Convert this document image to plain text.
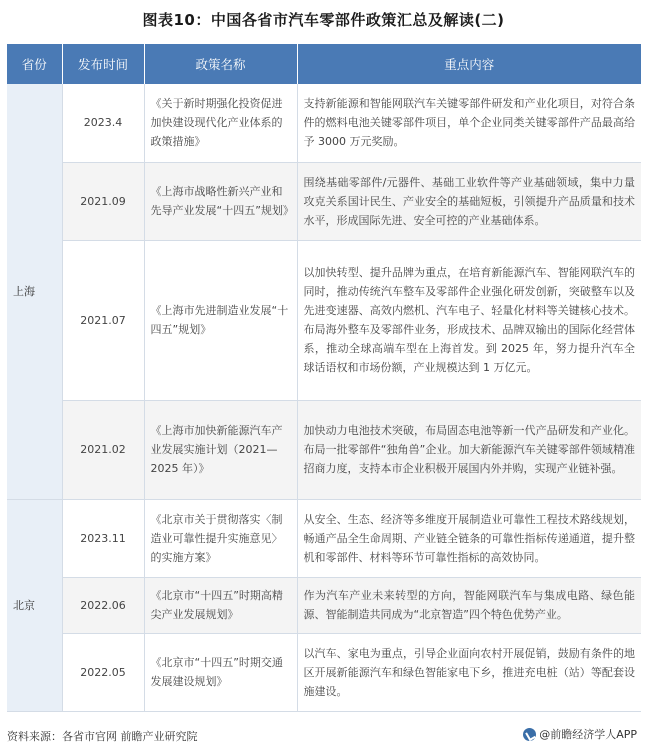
图表10：中国各省市汽车零部件政策汇总及解读(二)
省份	发布时间	政策名称	重点内容
上海	2023.4	《关于新时期强化投资促进加快建设现代化产业体系的政策措施》	支持新能源和智能网联汽车关键零部件研发和产业化项目，对符合条件的燃料电池关键零部件项目，单个企业同类关键零部件产品最高给予 3000 万元奖励。
	2021.09	《上海市战略性新兴产业和先导产业发展“十四五”规划》	围绕基础零部件/元器件、基础工业软件等产业基础领域，集中力量攻克关系国计民生、产业安全的基础短板，引领提升产品质量和技术水平，形成国际先进、安全可控的产业基础体系。
	2021.07	《上海市先进制造业发展“十四五”规划》	以加快转型、提升品牌为重点，在培育新能源汽车、智能网联汽车的同时，推动传统汽车整车及零部件企业强化研发创新，突破整车以及先进变速器、高效内燃机、汽车电子、轻量化材料等关键核心技术。布局海外整车及零部件业务，形成技术、品牌双输出的国际化经营体系，推动全球高端车型在上海首发。到 2025 年，努力提升汽车全球话语权和市场份额，产业规模达到 1 万亿元。
	2021.02	《上海市加快新能源汽车产业发展实施计划（2021—2025 年）》	加快动力电池技术突破，布局固态电池等新一代产品研发和产业化。布局一批零部件“独角兽”企业。加大新能源汽车关键零部件领域精准招商力度，支持本市企业积极开展国内外并购，实现产业链补强。
北京	2023.11	《北京市关于贯彻落实〈制造业可靠性提升实施意见〉的实施方案》	从安全、生态、经济等多维度开展制造业可靠性工程技术路线规划，畅通产品全生命周期、产业链全链条的可靠性指标传递通道，提升整机和零部件、材料等环节可靠性指标的高效协同。
	2022.06	《北京市“十四五”时期高精尖产业发展规划》	作为汽车产业未来转型的方向，智能网联汽车与集成电路、绿色能源、智能制造共同成为“北京智造”四个特色优势产业。
	2022.05	《北京市“十四五”时期交通发展建设规划》	以汽车、家电为重点，引导企业面向农村开展促销，鼓励有条件的地区开展新能源汽车和绿色智能家电下乡，推进充电桩（站）等配套设施建设。
资料来源：各省市官网 前瞻产业研究院	@前瞻经济学人APP
